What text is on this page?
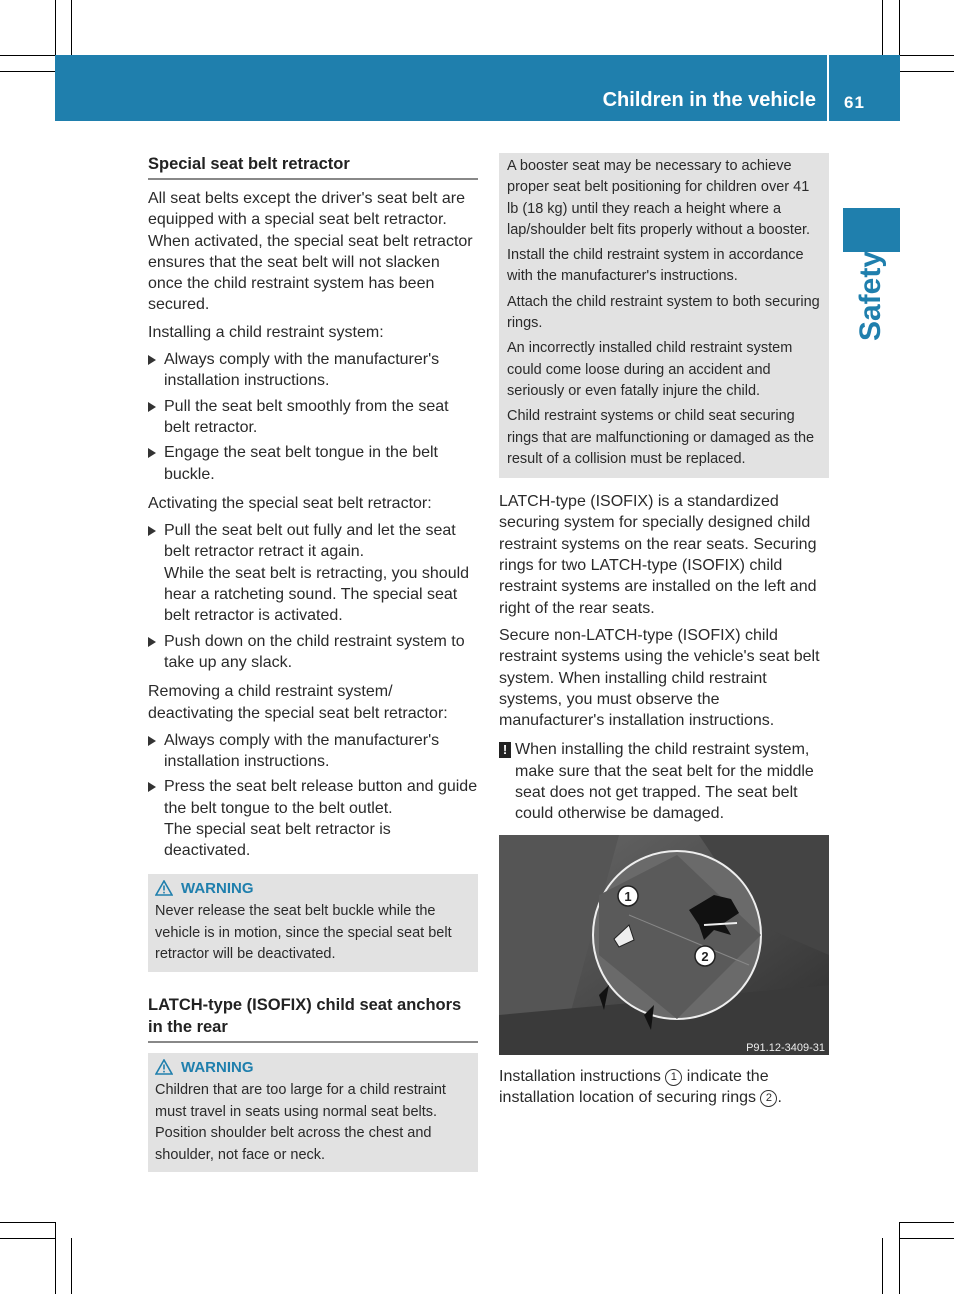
Children in the vehicle 61
Safety
Special seat belt retractor

All seat belts except the driver's seat belt are equipped with a special seat belt retractor. When activated, the special seat belt retractor ensures that the seat belt will not slacken once the child restraint system has been secured.

Installing a child restraint system:

Always comply with the manufacturer's installation instructions.
Pull the seat belt smoothly from the seat belt retractor.
Engage the seat belt tongue in the belt buckle.

Activating the special seat belt retractor:

Pull the seat belt out fully and let the seat belt retractor retract it again.
While the seat belt is retracting, you should hear a ratcheting sound. The special seat belt retractor is activated.
Push down on the child restraint system to take up any slack.

Removing a child restraint system/ deactivating the special seat belt retractor:

Always comply with the manufacturer's installation instructions.
Press the seat belt release button and guide the belt tongue to the belt outlet.
The special seat belt retractor is deactivated.
WARNING
Never release the seat belt buckle while the vehicle is in motion, since the special seat belt retractor will be deactivated.
LATCH-type (ISOFIX) child seat anchors in the rear
WARNING
Children that are too large for a child restraint must travel in seats using normal seat belts. Position shoulder belt across the chest and shoulder, not face or neck.

A booster seat may be necessary to achieve proper seat belt positioning for children over 41 lb (18 kg) until they reach a height where a lap/shoulder belt fits properly without a booster.

Install the child restraint system in accordance with the manufacturer's instructions.

Attach the child restraint system to both securing rings.

An incorrectly installed child restraint system could come loose during an accident and seriously or even fatally injure the child.

Child restraint systems or child seat securing rings that are malfunctioning or damaged as the result of a collision must be replaced.

LATCH-type (ISOFIX) is a standardized securing system for specially designed child restraint systems on the rear seats. Securing rings for two LATCH-type (ISOFIX) child restraint systems are installed on the left and right of the rear seats.

Secure non-LATCH-type (ISOFIX) child restraint systems using the vehicle's seat belt system. When installing child restraint systems, you must observe the manufacturer's installation instructions.

! When installing the child restraint system, make sure that the seat belt for the middle seat does not get trapped. The seat belt could otherwise be damaged.
1
2
P91.12-3409-31

Installation instructions 1 indicate the installation location of securing rings 2 .
